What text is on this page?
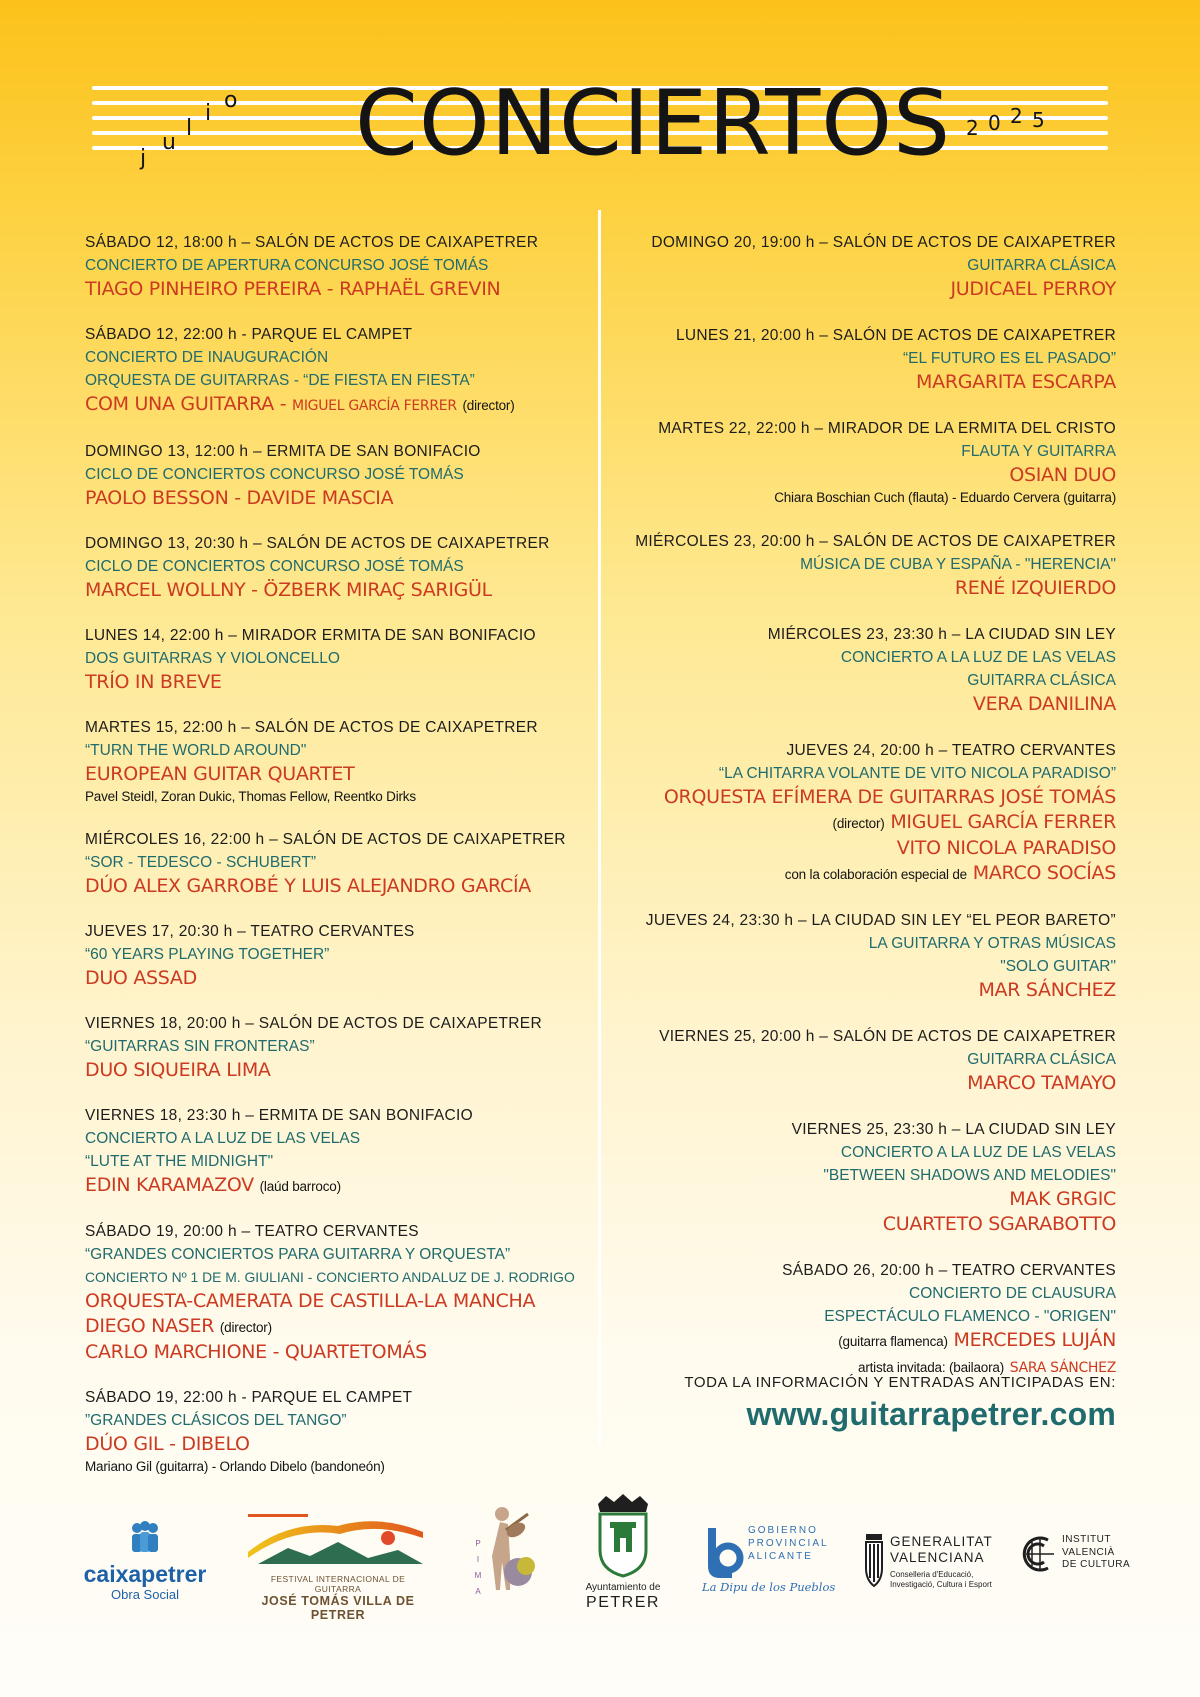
j
u
l
i
o CONCIERTOS 2 0 2 5
SÁBADO 12, 18:00 h – SALÓN DE ACTOS DE CAIXAPETRER
CONCIERTO DE APERTURA CONCURSO JOSÉ TOMÁS
TIAGO PINHEIRO PEREIRA - RAPHAËL GREVIN
SÁBADO 12, 22:00 h - PARQUE EL CAMPET
CONCIERTO DE INAUGURACIÓN
ORQUESTA DE GUITARRAS - “DE FIESTA EN FIESTA”
COM UNA GUITARRA - MIGUEL GARCÍA FERRER (director)
DOMINGO 13, 12:00 h – ERMITA DE SAN BONIFACIO
CICLO DE CONCIERTOS CONCURSO JOSÉ TOMÁS
PAOLO BESSON - DAVIDE MASCIA
DOMINGO 13, 20:30 h – SALÓN DE ACTOS DE CAIXAPETRER
CICLO DE CONCIERTOS CONCURSO JOSÉ TOMÁS
MARCEL WOLLNY - ÖZBERK MIRAÇ SARIGÜL
LUNES 14, 22:00 h – MIRADOR ERMITA DE SAN BONIFACIO
DOS GUITARRAS Y VIOLONCELLO
TRÍO IN BREVE
MARTES 15, 22:00 h – SALÓN DE ACTOS DE CAIXAPETRER
“TURN THE WORLD AROUND"
EUROPEAN GUITAR QUARTET
Pavel Steidl, Zoran Dukic, Thomas Fellow, Reentko Dirks
MIÉRCOLES 16, 22:00 h – SALÓN DE ACTOS DE CAIXAPETRER
“SOR - TEDESCO - SCHUBERT”
DÚO ALEX GARROBÉ Y LUIS ALEJANDRO GARCÍA
JUEVES 17, 20:30 h – TEATRO CERVANTES
“60 YEARS PLAYING TOGETHER”
DUO ASSAD
VIERNES 18, 20:00 h – SALÓN DE ACTOS DE CAIXAPETRER
“GUITARRAS SIN FRONTERAS”
DUO SIQUEIRA LIMA
VIERNES 18, 23:30 h – ERMITA DE SAN BONIFACIO
CONCIERTO A LA LUZ DE LAS VELAS
“LUTE AT THE MIDNIGHT"
EDIN KARAMAZOV (laúd barroco)
SÁBADO 19, 20:00 h – TEATRO CERVANTES
“GRANDES CONCIERTOS PARA GUITARRA Y ORQUESTA”
CONCIERTO Nº 1 DE M. GIULIANI - CONCIERTO ANDALUZ DE J. RODRIGO
ORQUESTA-CAMERATA DE CASTILLA-LA MANCHA
DIEGO NASER (director)
CARLO MARCHIONE - QUARTETOMÁS
SÁBADO 19, 22:00 h - PARQUE EL CAMPET
”GRANDES CLÁSICOS DEL TANGO”
DÚO GIL - DIBELO
Mariano Gil (guitarra) - Orlando Dibelo (bandoneón)
DOMINGO 20, 19:00 h – SALÓN DE ACTOS DE CAIXAPETRER
GUITARRA CLÁSICA
JUDICAEL PERROY
LUNES 21, 20:00 h – SALÓN DE ACTOS DE CAIXAPETRER
“EL FUTURO ES EL PASADO”
MARGARITA ESCARPA
MARTES 22, 22:00 h – MIRADOR DE LA ERMITA DEL CRISTO
FLAUTA Y GUITARRA
OSIAN DUO
Chiara Boschian Cuch (flauta) - Eduardo Cervera (guitarra)
MIÉRCOLES 23, 20:00 h – SALÓN DE ACTOS DE CAIXAPETRER
MÚSICA DE CUBA Y ESPAÑA - "HERENCIA"
RENÉ IZQUIERDO
MIÉRCOLES 23, 23:30 h – LA CIUDAD SIN LEY
CONCIERTO A LA LUZ DE LAS VELAS
GUITARRA CLÁSICA
VERA DANILINA
JUEVES 24, 20:00 h – TEATRO CERVANTES
“LA CHITARRA VOLANTE DE VITO NICOLA PARADISO”
ORQUESTA EFÍMERA DE GUITARRAS JOSÉ TOMÁS
(director) MIGUEL GARCÍA FERRER
VITO NICOLA PARADISO
con la colaboración especial de MARCO SOCÍAS
JUEVES 24, 23:30 h – LA CIUDAD SIN LEY “EL PEOR BARETO”
LA GUITARRA Y OTRAS MÚSICAS
"SOLO GUITAR"
MAR SÁNCHEZ
VIERNES 25, 20:00 h – SALÓN DE ACTOS DE CAIXAPETRER
GUITARRA CLÁSICA
MARCO TAMAYO
VIERNES 25, 23:30 h – LA CIUDAD SIN LEY
CONCIERTO A LA LUZ DE LAS VELAS
"BETWEEN SHADOWS AND MELODIES"
MAK GRGIC
CUARTETO SGARABOTTO
SÁBADO 26, 20:00 h – TEATRO CERVANTES
CONCIERTO DE CLAUSURA
ESPECTÁCULO FLAMENCO - "ORIGEN"
(guitarra flamenca) MERCEDES LUJÁN
artista invitada: (bailaora) SARA SÁNCHEZ
TODA LA INFORMACIÓN Y ENTRADAS ANTICIPADAS EN:
www.guitarrapetrer.com
caixapetrer
Obra Social
FESTIVAL INTERNACIONAL DE GUITARRA
JOSÉ TOMÁS VILLA DE PETRER
P
I
M
A	Ayuntamiento de
PETRER
GOBIERNO
PROVINCIAL
ALICANTE
La Dipu de los Pueblos
GENERALITAT
VALENCIANA
Conselleria d'Educació,
Investigació, Cultura i Esport
INSTITUT
VALENCIÀ
DE CULTURA
